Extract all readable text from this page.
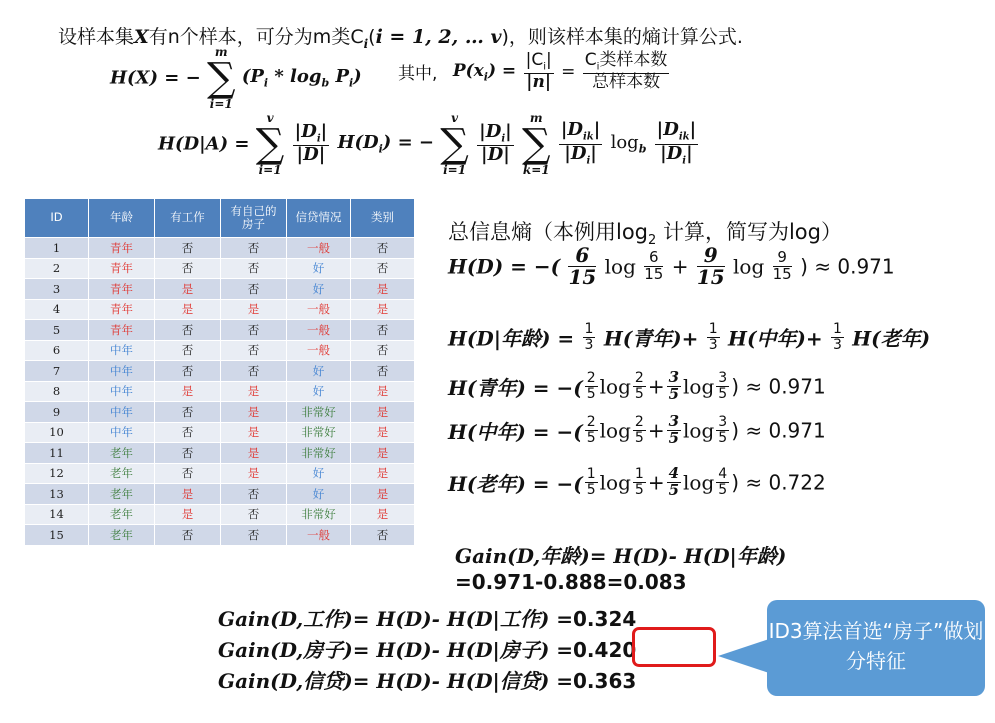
设样本集X有n个样本，可分为m类$C_i(i = 1$, 2, … v)，则该样本集的熵计算公式.
H(X) = −
m
∑
i=1
$(P_i * \log_b P_i)$ 其中, $P(x_i) = \frac{|C_i|}{|n|} = \frac{C_i类样本数}{\text{总样本数}}$
H(D|A) =
v
∑
i=1

$\frac{|D_i|}{|D|} H(D_i)$ = −
v
∑
i=1

$\frac{|D_i|}{|D|}$

m
∑
k=1

$\frac{|D_{ik}|}{|D_i|} \log_b \frac{|D_{ik}|}{|D_i|}$
ID	年龄	有工作	有自己的房子	信贷情况	类别
1	青年	否	否	一般	否
2	青年	否	否	好	否
3	青年	是	否	好	是
4	青年	是	是	一般	是
5	青年	否	否	一般	否
6	中年	否	否	一般	否
7	中年	否	否	好	否
8	中年	是	是	好	是
9	中年	否	是	非常好	是
10	中年	否	是	非常好	是
11	老年	否	是	非常好	是
12	老年	否	是	好	是
13	老年	是	否	好	是
14	老年	是	否	非常好	是
15	老年	否	否	一般	否
总信息熵（本例用$\log_2$ 计算，简写为log）
H(D) = −( $\frac{6}{15}$ $\log \frac{6}{15} + \frac{9}{15}$ $\log \frac{9}{15}$ ) ≈ 0.971
H(D|年龄) = $\frac{1}{3} H$(青年)+ $\frac{1}{3} H$(中年)+ $\frac{1}{3} H$(老年)
H(青年) = −( $\frac{2}{5}$ $\log \frac{2}{5} + \frac{3}{5}$ $\log \frac{3}{5}$ ) ≈ 0.971
H(中年) = −( $\frac{2}{5}$ $\log \frac{2}{5} + \frac{3}{5}$ $\log \frac{3}{5}$ ) ≈ 0.971
H(老年) = −( $\frac{1}{5}$ $\log \frac{1}{5} + \frac{4}{5}$ $\log \frac{4}{5}$ ) ≈ 0.722
Gain(D,年龄)= H(D)- H(D|年龄)
=0.971-0.888=0.083
Gain(D,工作)= H(D)- H(D|工作) =0.324
Gain(D,房子)= H(D)- H(D|房子) =0.420
Gain(D,信贷)= H(D)- H(D|信贷) =0.363
ID3算法首选“房子”做划分特征
